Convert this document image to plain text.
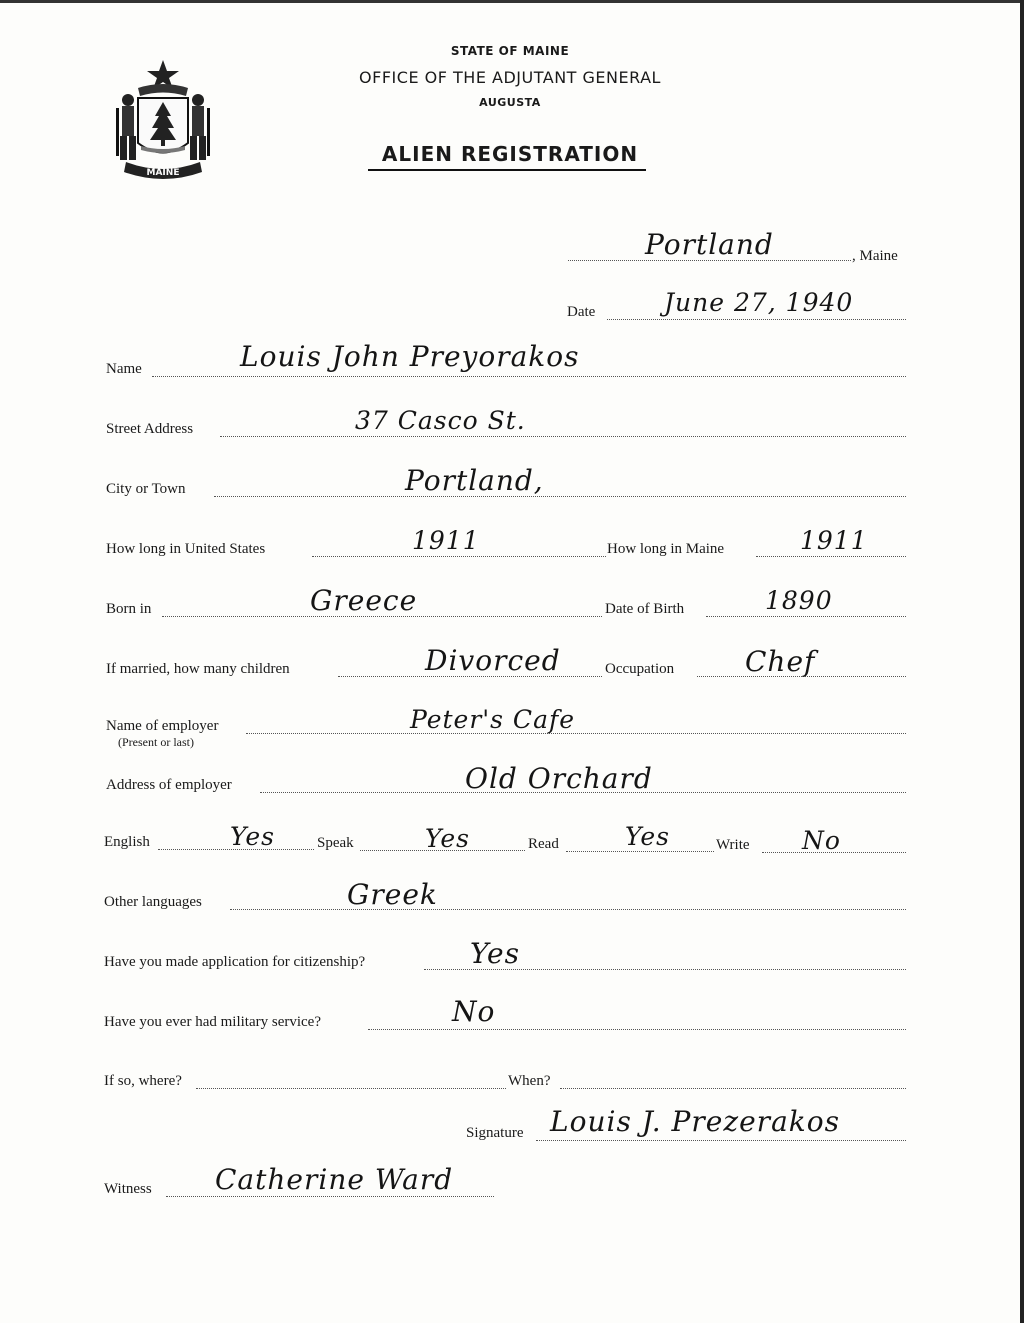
MAINE
STATE OF MAINE
OFFICE OF THE ADJUTANT GENERAL
AUGUSTA
ALIEN REGISTRATION
Portland	, Maine
Date	June 27, 1940
Name	Louis John Preyorakos
Street Address	37 Casco St.
City or Town	Portland,
How long in United States	1911	How long in Maine	1911
Born in	Greece	Date of Birth	1890
If married, how many children	Divorced	Occupation	Chef
Name of employer
(Present or last)
Peter's Cafe
Address of employer	Old Orchard
English	Yes	Speak	Yes	Read	Yes	Write No
Other languages	Greek
Have you made application for citizenship?	Yes
Have you ever had military service?	No
If so, where?	When?
Signature Louis J. Prezerakos
Witness Catherine Ward
